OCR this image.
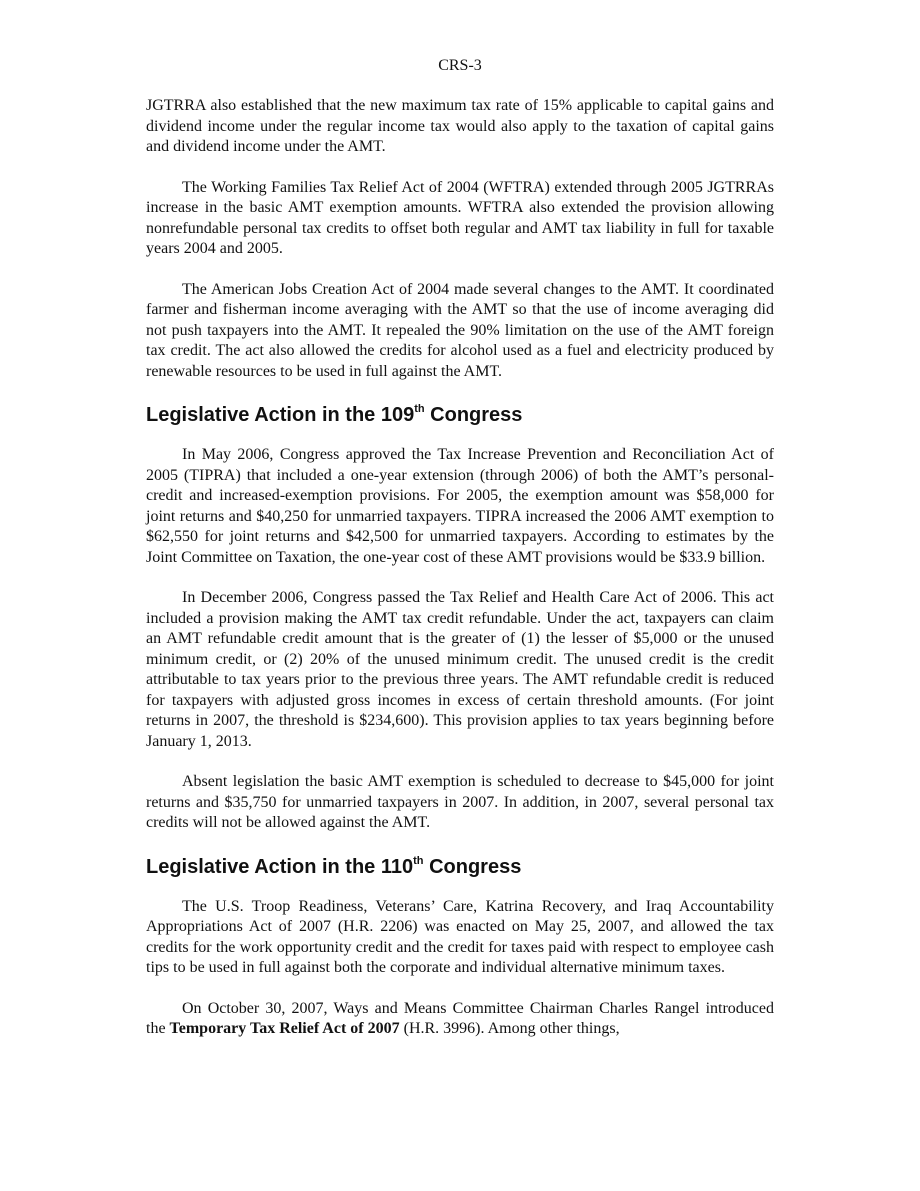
CRS-3

JGTRRA also established that the new maximum tax rate of 15% applicable to capital gains and dividend income under the regular income tax would also apply to the taxation of capital gains and dividend income under the AMT.

The Working Families Tax Relief Act of 2004 (WFTRA) extended through 2005 JGTRRAs increase in the basic AMT exemption amounts. WFTRA also extended the provision allowing nonrefundable personal tax credits to offset both regular and AMT tax liability in full for taxable years 2004 and 2005.

The American Jobs Creation Act of 2004 made several changes to the AMT. It coordinated farmer and fisherman income averaging with the AMT so that the use of income averaging did not push taxpayers into the AMT. It repealed the 90% limitation on the use of the AMT foreign tax credit. The act also allowed the credits for alcohol used as a fuel and electricity produced by renewable resources to be used in full against the AMT.

Legislative Action in the 109th Congress

In May 2006, Congress approved the Tax Increase Prevention and Reconciliation Act of 2005 (TIPRA) that included a one-year extension (through 2006) of both the AMT’s personal-credit and increased-exemption provisions. For 2005, the exemption amount was $58,000 for joint returns and $40,250 for unmarried taxpayers. TIPRA increased the 2006 AMT exemption to $62,550 for joint returns and $42,500 for unmarried taxpayers. According to estimates by the Joint Committee on Taxation, the one-year cost of these AMT provisions would be $33.9 billion.

In December 2006, Congress passed the Tax Relief and Health Care Act of 2006. This act included a provision making the AMT tax credit refundable. Under the act, taxpayers can claim an AMT refundable credit amount that is the greater of (1) the lesser of $5,000 or the unused minimum credit, or (2) 20% of the unused minimum credit. The unused credit is the credit attributable to tax years prior to the previous three years. The AMT refundable credit is reduced for taxpayers with adjusted gross incomes in excess of certain threshold amounts. (For joint returns in 2007, the threshold is $234,600). This provision applies to tax years beginning before January 1, 2013.

Absent legislation the basic AMT exemption is scheduled to decrease to $45,000 for joint returns and $35,750 for unmarried taxpayers in 2007. In addition, in 2007, several personal tax credits will not be allowed against the AMT.

Legislative Action in the 110th Congress

The U.S. Troop Readiness, Veterans’ Care, Katrina Recovery, and Iraq Accountability Appropriations Act of 2007 (H.R. 2206) was enacted on May 25, 2007, and allowed the tax credits for the work opportunity credit and the credit for taxes paid with respect to employee cash tips to be used in full against both the corporate and individual alternative minimum taxes.

On October 30, 2007, Ways and Means Committee Chairman Charles Rangel introduced the Temporary Tax Relief Act of 2007 (H.R. 3996). Among other things,
